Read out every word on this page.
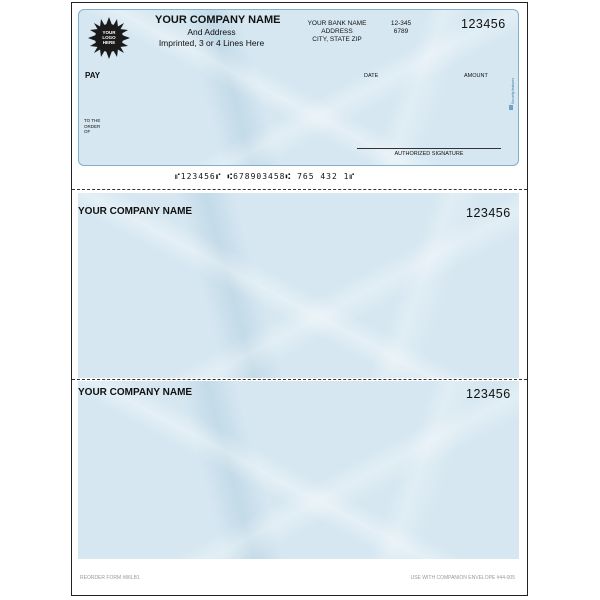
YOUR
LOGO
HERE
YOUR COMPANY NAME
And Address
Imprinted, 3 or 4 Lines Here
YOUR BANK NAME
ADDRESS
CITY, STATE ZIP
12-345
6789
123456
PAY	DATE	AMOUNT
TO THE
ORDER
OF
Security features
AUTHORIZED SIGNATURE
⑈123456⑈ ⑆678903458⑆ 765 432 1⑈
YOUR COMPANY NAME	123456
YOUR COMPANY NAME	123456
REORDER FORM #86LB1	USE WITH COMPANION ENVELOPE #44-005
